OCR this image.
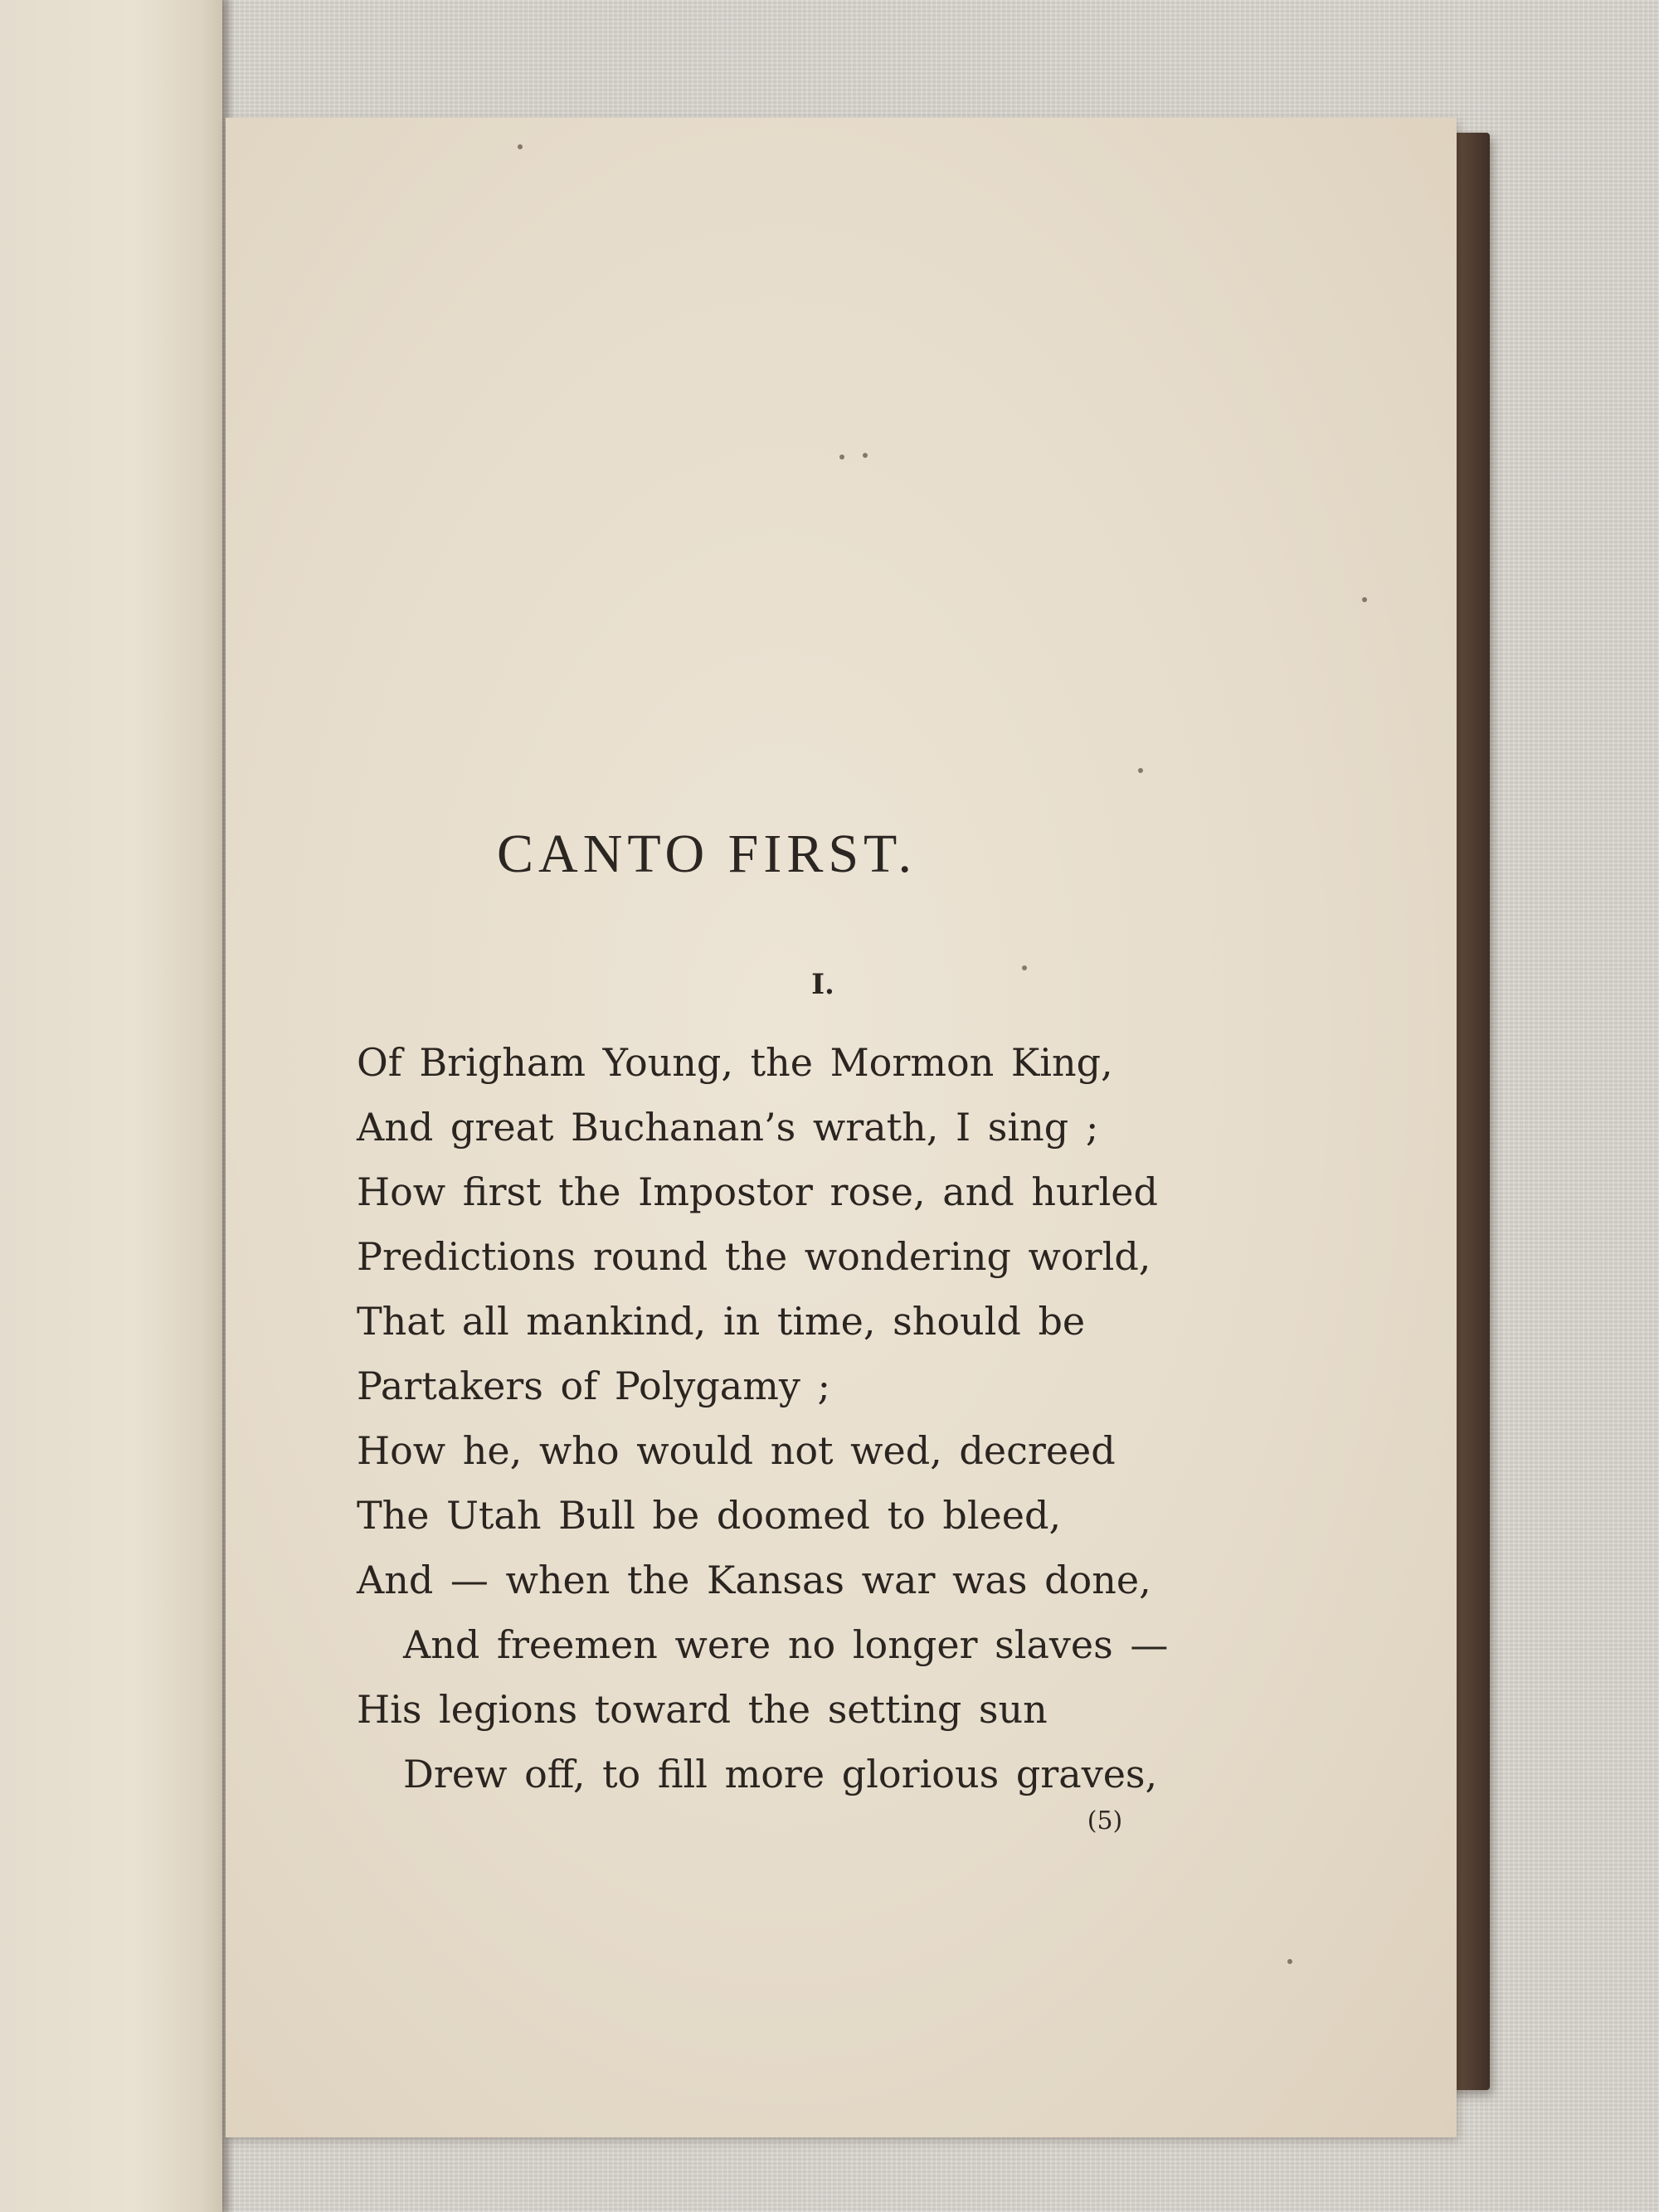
CANTO FIRST.
I.
Of Brigham Young, the Mormon King,
And great Buchanan’s wrath, I sing ;
How first the Impostor rose, and hurled
Predictions round the wondering world,
That all mankind, in time, should be
Partakers of Polygamy ;
How he, who would not wed, decreed
The Utah Bull be doomed to bleed,
And — when the Kansas war was done,
And freemen were no longer slaves —
His legions toward the setting sun
Drew off, to fill more glorious graves,
(5)
